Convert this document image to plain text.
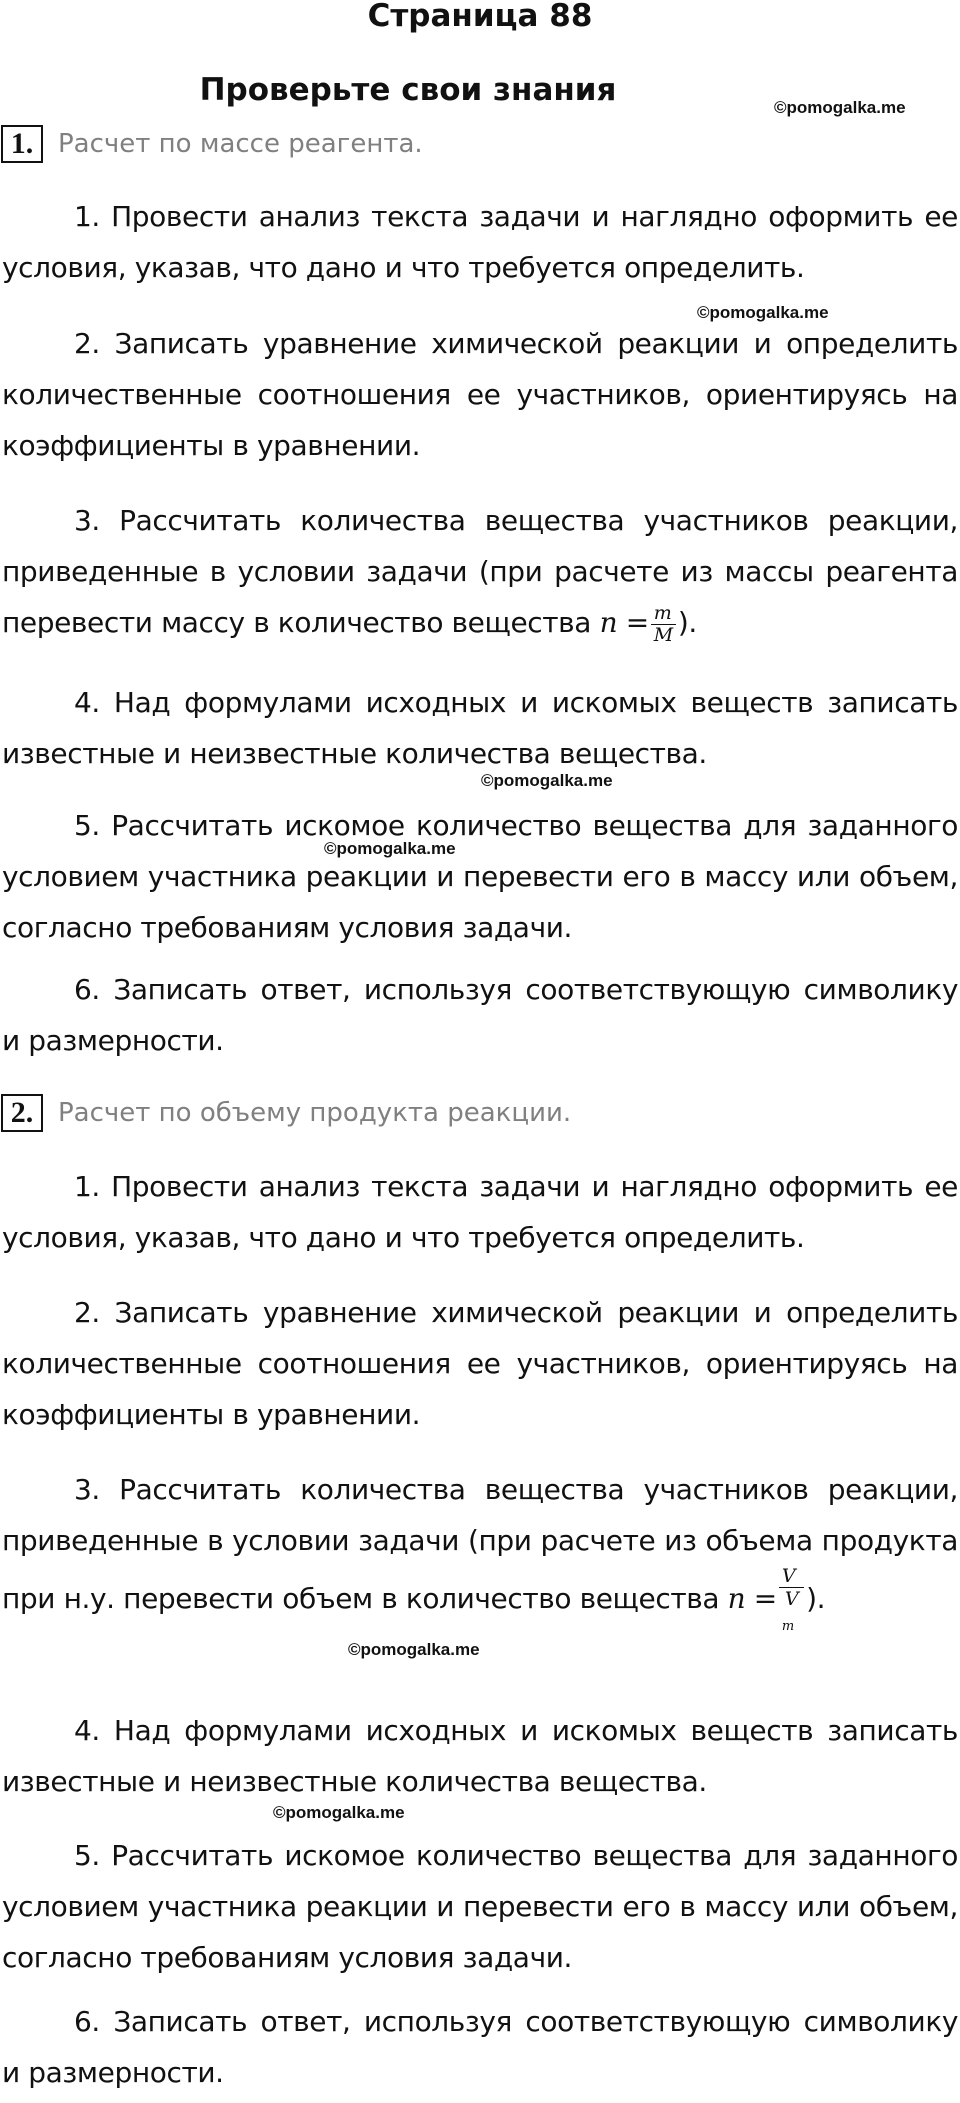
Страница 88
Проверьте свои знания	©pomogalka.me
1. Расчет по массе реагента.

1. Провести анализ текста задачи и наглядно оформить ее условия, указав, что дано и что требуется определить.

©pomogalka.me

2. Записать уравнение химической реакции и определить количественные соотношения ее участников, ориентируясь на коэффициенты в уравнении.

3. Рассчитать количества вещества участников реакции, приведенные в условии задачи (при расчете из массы реагента перевести массу в количество вещества $n = \frac{m}{M}$ ).

4. Над формулами исходных и искомых веществ записать известные и неизвестные количества вещества.

©pomogalka.me

5. Рассчитать искомое количество вещества для заданного условием участника реакции и перевести его в массу или объем, согласно требованиям условия задачи.

©pomogalka.me

6. Записать ответ, используя соответствующую символику и размерности.

2. Расчет по объему продукта реакции.

1. Провести анализ текста задачи и наглядно оформить ее условия, указав, что дано и что требуется определить.

2. Записать уравнение химической реакции и определить количественные соотношения ее участников, ориентируясь на коэффициенты в уравнении.

3. Рассчитать количества вещества участников реакции, приведенные в условии задачи (при расчете из объема продукта при н.у. перевести объем в количество вещества n = V
V
$_m$ ).

©pomogalka.me

4. Над формулами исходных и искомых веществ записать известные и неизвестные количества вещества.

©pomogalka.me

5. Рассчитать искомое количество вещества для заданного условием участника реакции и перевести его в массу или объем, согласно требованиям условия задачи.

6. Записать ответ, используя соответствующую символику и размерности.
